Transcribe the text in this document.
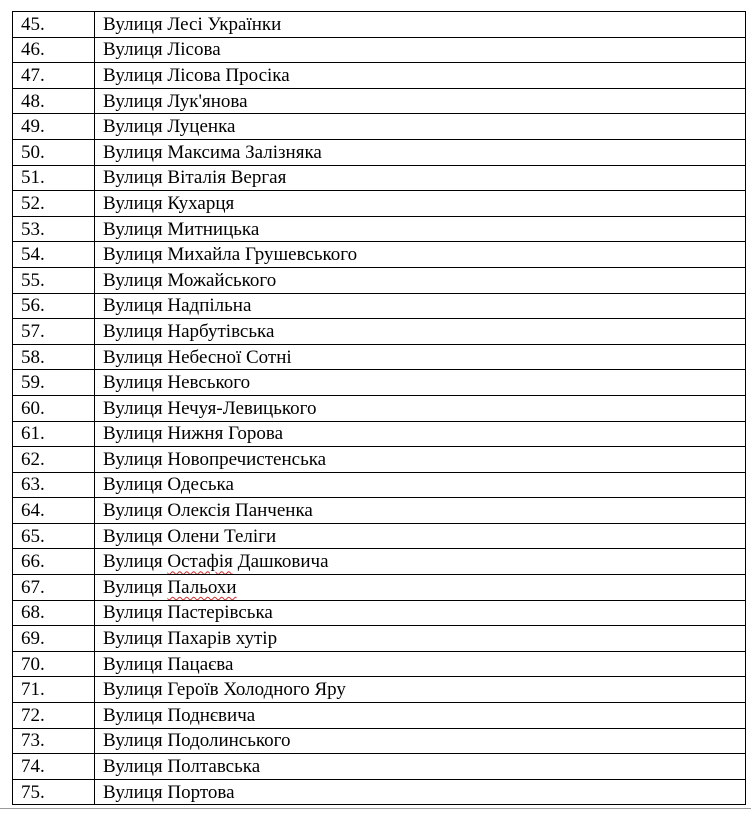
45.	Вулиця Лесі Українки
46.	Вулиця Лісова
47.	Вулиця Лісова Просіка
48.	Вулиця Лук'янова
49.	Вулиця Луценка
50.	Вулиця Максима Залізняка
51.	Вулиця Віталія Вергая
52.	Вулиця Кухарця
53.	Вулиця Митницька
54.	Вулиця Михайла Грушевського
55.	Вулиця Можайського
56.	Вулиця Надпільна
57.	Вулиця Нарбутівська
58.	Вулиця Небесної Сотні
59.	Вулиця Невського
60.	Вулиця Нечуя-Левицького
61.	Вулиця Нижня Горова
62.	Вулиця Новопречистенська
63.	Вулиця Одеська
64.	Вулиця Олексія Панченка
65.	Вулиця Олени Теліги
66.	Вулиця Остафія Дашковича
67.	Вулиця Пальохи
68.	Вулиця Пастерівська
69.	Вулиця Пахарів хутір
70.	Вулиця Пацаєва
71.	Вулиця Героїв Холодного Яру
72.	Вулиця Поднєвича
73.	Вулиця Подолинського
74.	Вулиця Полтавська
75.	Вулиця Портова
